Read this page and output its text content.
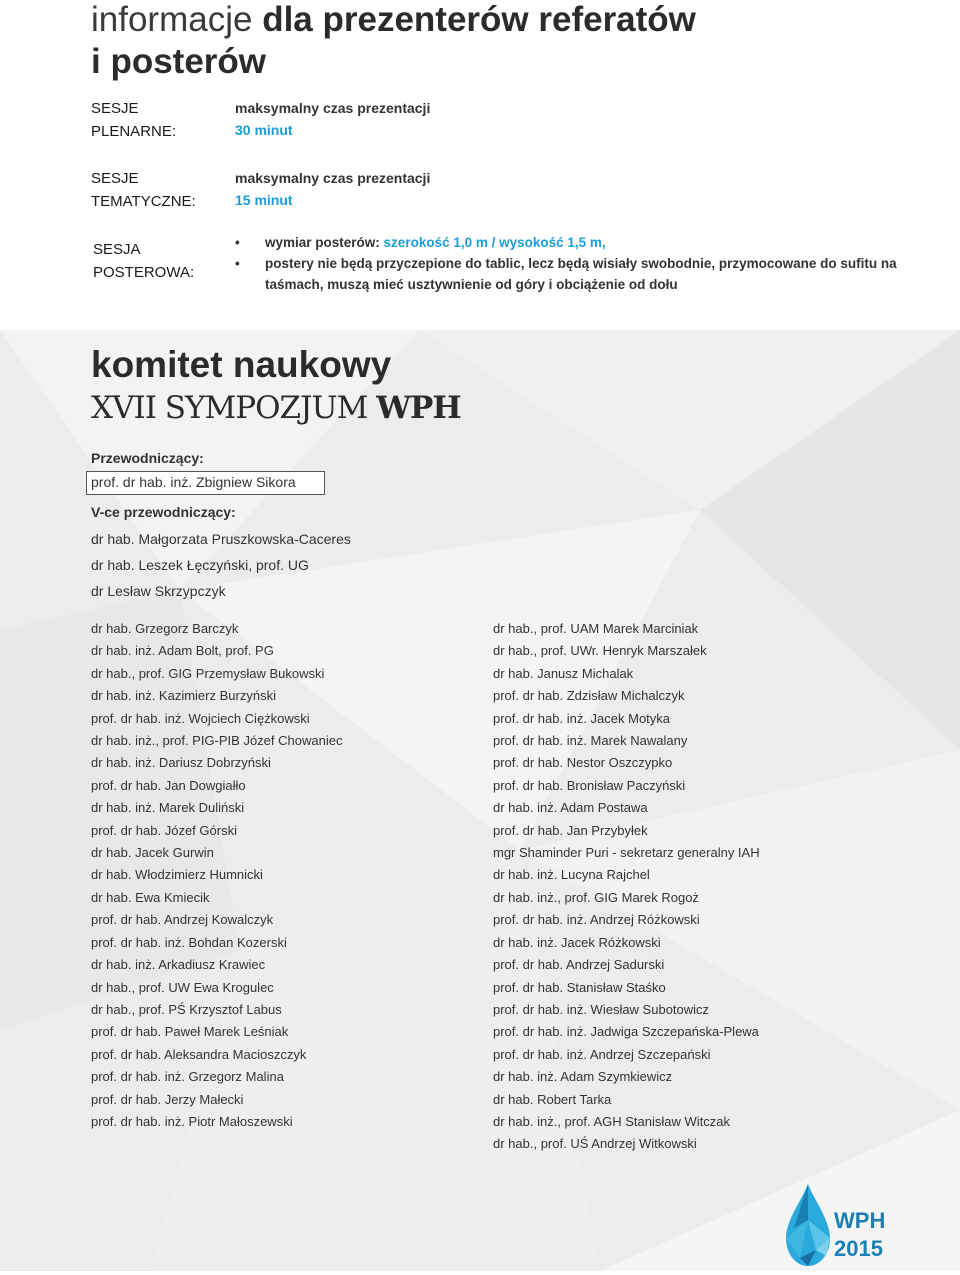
informacje dla prezenterów referatów
i posterów
SESJE
PLENARNE:
maksymalny czas prezentacji
30 minut
SESJE
TEMATYCZNE:
maksymalny czas prezentacji
15 minut
SESJA
POSTEROWA:
• wymiar posterów: szerokość 1,0 m / wysokość 1,5 m,
• postery nie będą przyczepione do tablic, lecz będą wisiały swobodnie, przymocowane do sufitu na taśmach, muszą mieć usztywnienie od góry i obciążenie od dołu
komitet naukowy
XVII SYMPOZJUM WPH
Przewodniczący:
prof. dr hab. inż. Zbigniew Sikora
V-ce przewodniczący:
dr hab. Małgorzata Pruszkowska-Caceres
dr hab. Leszek Łęczyński, prof. UG
dr Lesław Skrzypczyk
dr hab. Grzegorz Barczyk
dr hab. inż. Adam Bolt, prof. PG
dr hab., prof. GIG Przemysław Bukowski
dr hab. inż. Kazimierz Burzyński
prof. dr hab. inż. Wojciech Ciężkowski
dr hab. inż., prof. PIG-PIB Józef Chowaniec
dr hab. inż. Dariusz Dobrzyński
prof. dr hab. Jan Dowgiałło
dr hab. inż. Marek Duliński
prof. dr hab. Józef Górski
dr hab. Jacek Gurwin
dr hab. Włodzimierz Humnicki
dr hab. Ewa Kmiecik
prof. dr hab. Andrzej Kowalczyk
prof. dr hab. inż. Bohdan Kozerski
dr hab. inż. Arkadiusz Krawiec
dr hab., prof. UW Ewa Krogulec
dr hab., prof. PŚ Krzysztof Labus
prof. dr hab. Paweł Marek Leśniak
prof. dr hab. Aleksandra Macioszczyk
prof. dr hab. inż. Grzegorz Malina
prof. dr hab. Jerzy Małecki
prof. dr hab. inż. Piotr Małoszewski
dr hab., prof. UAM Marek Marciniak
dr hab., prof. UWr. Henryk Marszałek
dr hab. Janusz Michalak
prof. dr hab. Zdzisław Michalczyk
prof. dr hab. inż. Jacek Motyka
prof. dr hab. inż. Marek Nawalany
prof. dr hab. Nestor Oszczypko
prof. dr hab. Bronisław Paczyński
dr hab. inż. Adam Postawa
prof. dr hab. Jan Przybyłek
mgr Shaminder Puri - sekretarz generalny IAH
dr hab. inż. Lucyna Rajchel
dr hab. inż., prof. GIG Marek Rogoż
prof. dr hab. inż. Andrzej Różkowski
dr hab. inż. Jacek Różkowski
prof. dr hab. Andrzej Sadurski
prof. dr hab. Stanisław Staśko
prof. dr hab. inż. Wiesław Subotowicz
prof. dr hab. inż. Jadwiga Szczepańska-Plewa
prof. dr hab. inż. Andrzej Szczepański
dr hab. inż. Adam Szymkiewicz
dr hab. Robert Tarka
dr hab. inż., prof. AGH Stanisław Witczak
dr hab., prof. UŚ Andrzej Witkowski
WPH
2015
